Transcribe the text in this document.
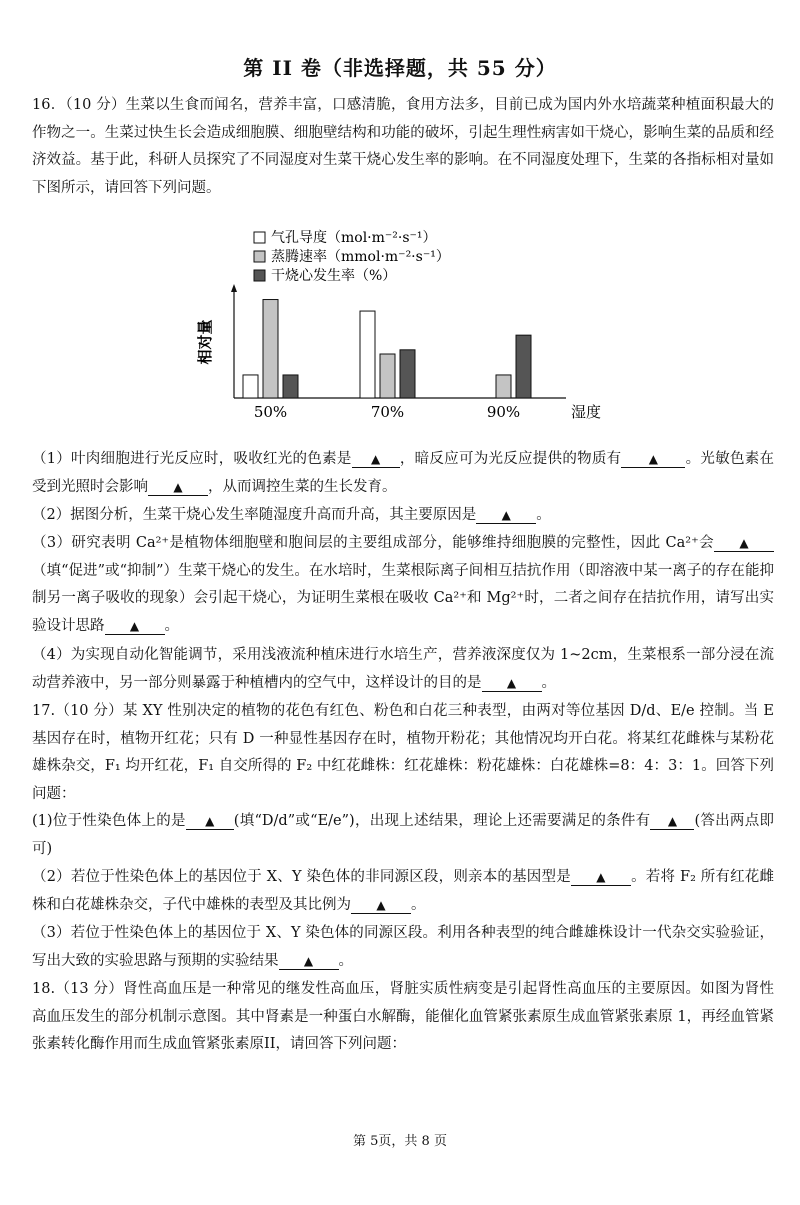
第 II 卷（非选择题，共 55 分）

16．（10 分）生菜以生食而闻名，营养丰富，口感清脆，食用方法多，目前已成为国内外水培蔬菜种植面积最大的作物之一。生菜过快生长会造成细胞膜、细胞壁结构和功能的破坏，引起生理性病害如干烧心，影响生菜的品质和经济效益。基于此，科研人员探究了不同湿度对生菜干烧心发生率的影响。在不同湿度处理下，生菜的各指标相对量如下图所示，请回答下列问题。

气孔导度（mol·m⁻²·s⁻¹）
蒸腾速率（mmol·m⁻²·s⁻¹）
干烧心发生率（%）
相对量
湿度
50%	70%	90%

（1）叶肉细胞进行光反应时，吸收红光的色素是 ▲ ，暗反应可为光反应提供的物质有 ▲ 。光敏色素在受到光照时会影响 ▲ ，从而调控生菜的生长发育。

（2）据图分析，生菜干烧心发生率随湿度升高而升高，其主要原因是 ▲ 。

（3）研究表明 Ca²⁺是植物体细胞壁和胞间层的主要组成部分，能够维持细胞膜的完整性，因此 Ca²⁺会 ▲（填“促进”或“抑制”）生菜干烧心的发生。在水培时，生菜根际离子间相互拮抗作用（即溶液中某一离子的存在能抑制另一离子吸收的现象）会引起干烧心，为证明生菜根在吸收 Ca²⁺和 Mg²⁺时，二者之间存在拮抗作用，请写出实验设计思路 ▲ 。

（4）为实现自动化智能调节，采用浅液流种植床进行水培生产，营养液深度仅为 1~2cm，生菜根系一部分浸在流动营养液中，另一部分则暴露于种植槽内的空气中，这样设计的目的是 ▲ 。

17.（10 分）某 XY 性别决定的植物的花色有红色、粉色和白花三种表型，由两对等位基因 D/d、E/e 控制。当 E 基因存在时，植物开红花；只有 D 一种显性基因存在时，植物开粉花；其他情况均开白花。将某红花雌株与某粉花雄株杂交，F₁ 均开红花，F₁ 自交所得的 F₂ 中红花雌株：红花雄株：粉花雄株：白花雄株=8：4：3：1。回答下列问题：

(1)位于性染色体上的是 ▲ (填“D/d”或“E/e”)，出现上述结果，理论上还需要满足的条件有 ▲ (答出两点即可)

（2）若位于性染色体上的基因位于 X、Y 染色体的非同源区段，则亲本的基因型是 ▲ 。若将 F₂ 所有红花雌株和白花雄株杂交，子代中雄株的表型及其比例为 ▲ 。

（3）若位于性染色体上的基因位于 X、Y 染色体的同源区段。利用各种表型的纯合雌雄株设计一代杂交实验验证，写出大致的实验思路与预期的实验结果 ▲ 。

18.（13 分）肾性高血压是一种常见的继发性高血压，肾脏实质性病变是引起肾性高血压的主要原因。如图为肾性高血压发生的部分机制示意图。其中肾素是一种蛋白水解酶，能催化血管紧张素原生成血管紧张素原 1，再经血管紧张素转化酶作用而生成血管紧张素原II，请回答下列问题：

第 5页，共 8 页
